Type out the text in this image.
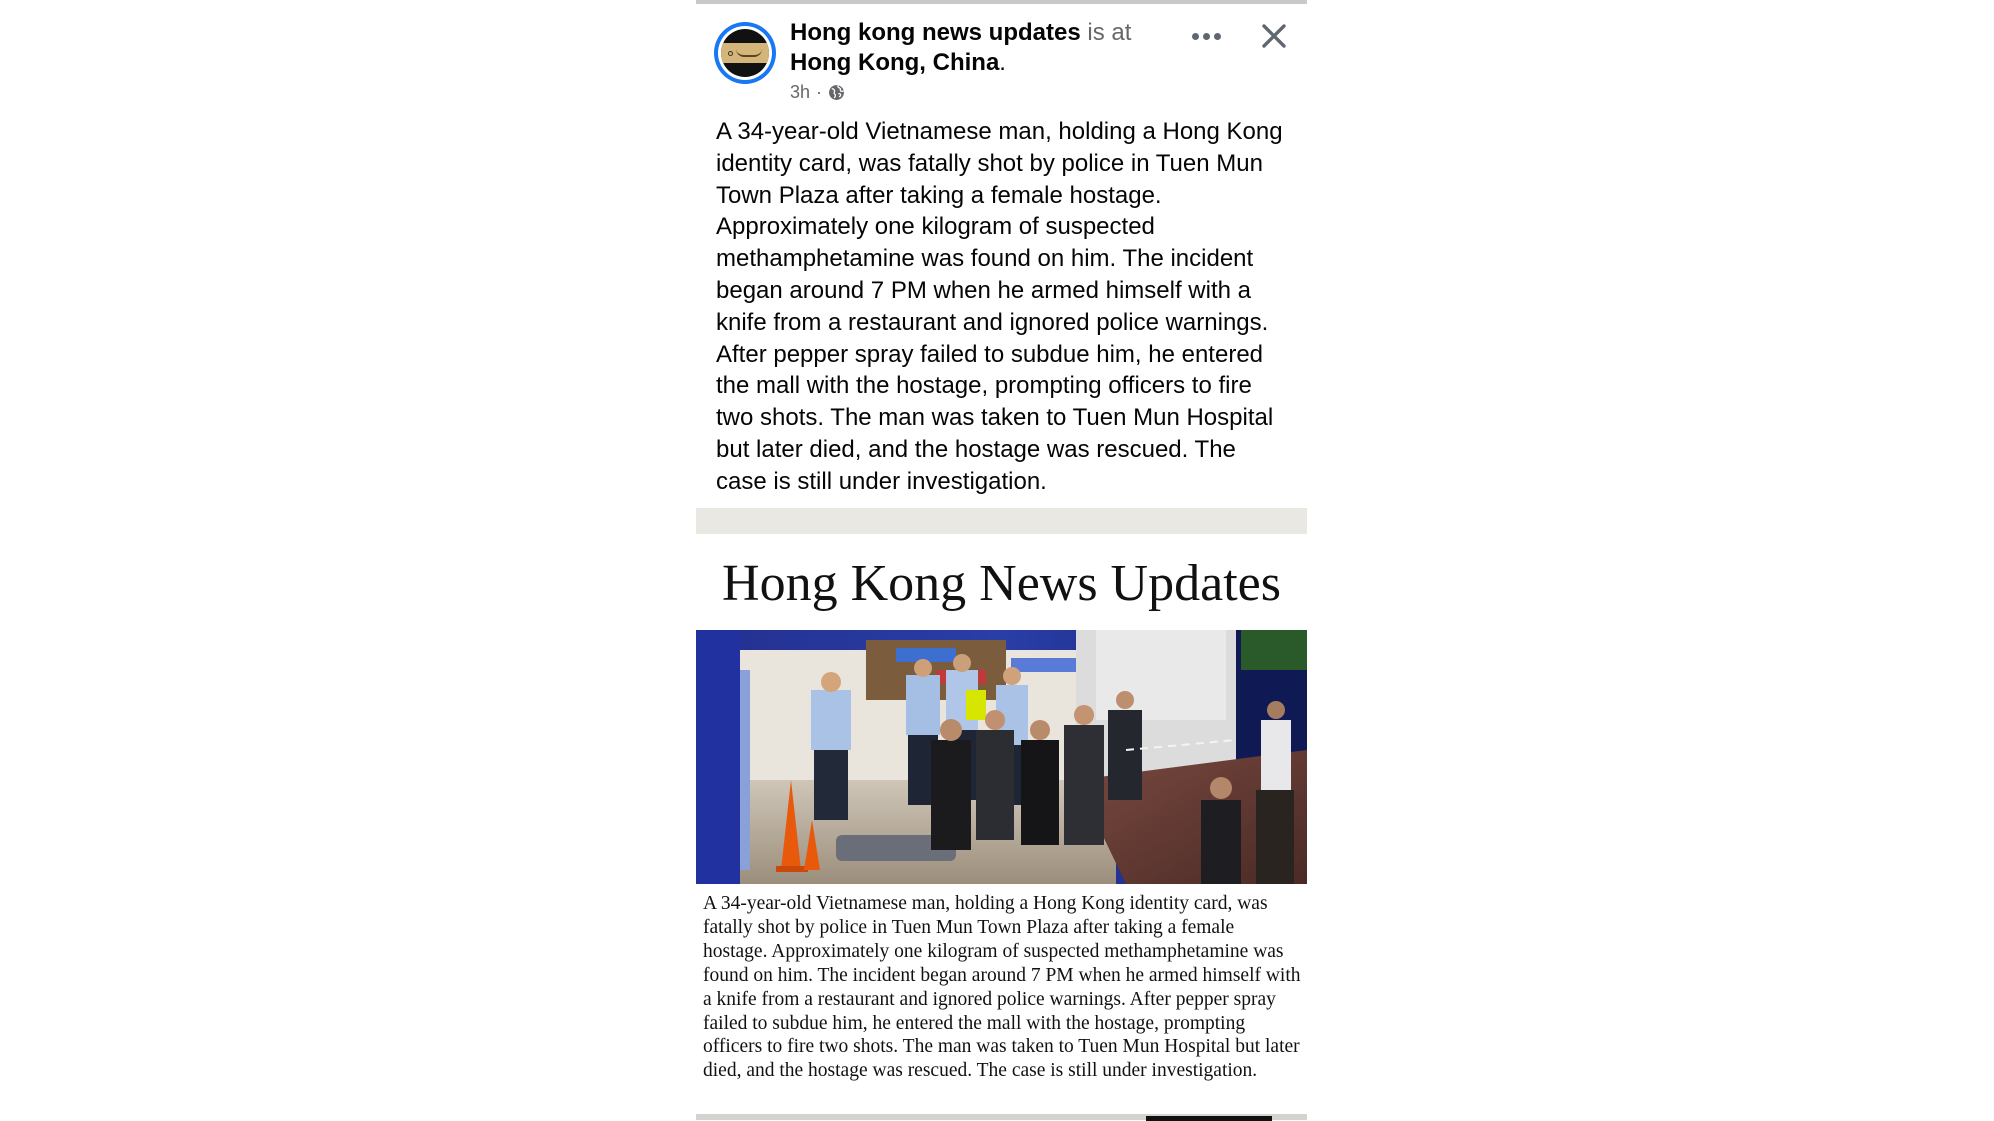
Hong kong news updates is at
Hong Kong, China.
3h ·
A 34-year-old Vietnamese man, holding a Hong Kong identity card, was fatally shot by police in Tuen Mun Town Plaza after taking a female hostage. Approximately one kilogram of suspected methamphetamine was found on him. The incident began around 7 PM when he armed himself with a knife from a restaurant and ignored police warnings. After pepper spray failed to subdue him, he entered the mall with the hostage, prompting officers to fire two shots. The man was taken to Tuen Mun Hospital but later died, and the hostage was rescued. The case is still under investigation.
Hong Kong News Updates
A 34-year-old Vietnamese man, holding a Hong Kong identity card, was fatally shot by police in Tuen Mun Town Plaza after taking a female hostage. Approximately one kilogram of suspected methamphetamine was found on him. The incident began around 7 PM when he armed himself with a knife from a restaurant and ignored police warnings. After pepper spray failed to subdue him, he entered the mall with the hostage, prompting officers to fire two shots. The man was taken to Tuen Mun Hospital but later died, and the hostage was rescued. The case is still under investigation.
